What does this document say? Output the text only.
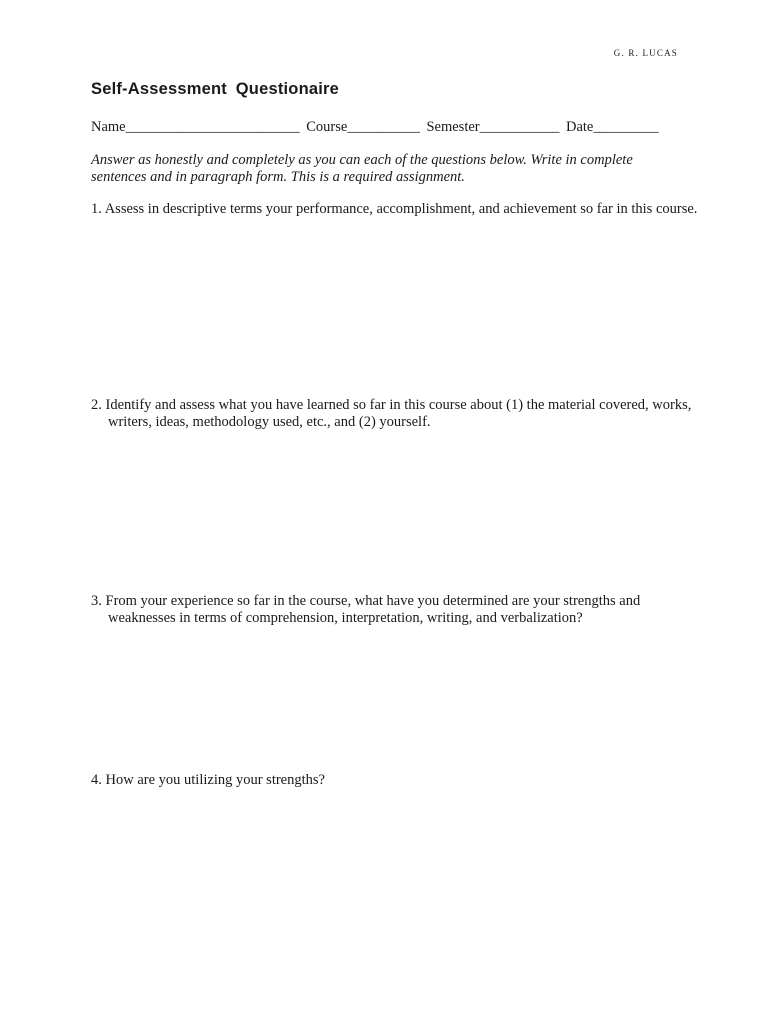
G. R. LUCAS
Self-Assessment Questionaire
Name________________________ Course__________ Semester___________ Date_________

Answer as honestly and completely as you can each of the questions below. Write in complete sentences and in paragraph form. This is a required assignment.

1. Assess in descriptive terms your performance, accomplishment, and achievement so far in this course.

2. Identify and assess what you have learned so far in this course about (1) the material covered, works, writers, ideas, methodology used, etc., and (2) yourself.

3. From your experience so far in the course, what have you determined are your strengths and weaknesses in terms of comprehension, interpretation, writing, and verbalization?

4. How are you utilizing your strengths?
